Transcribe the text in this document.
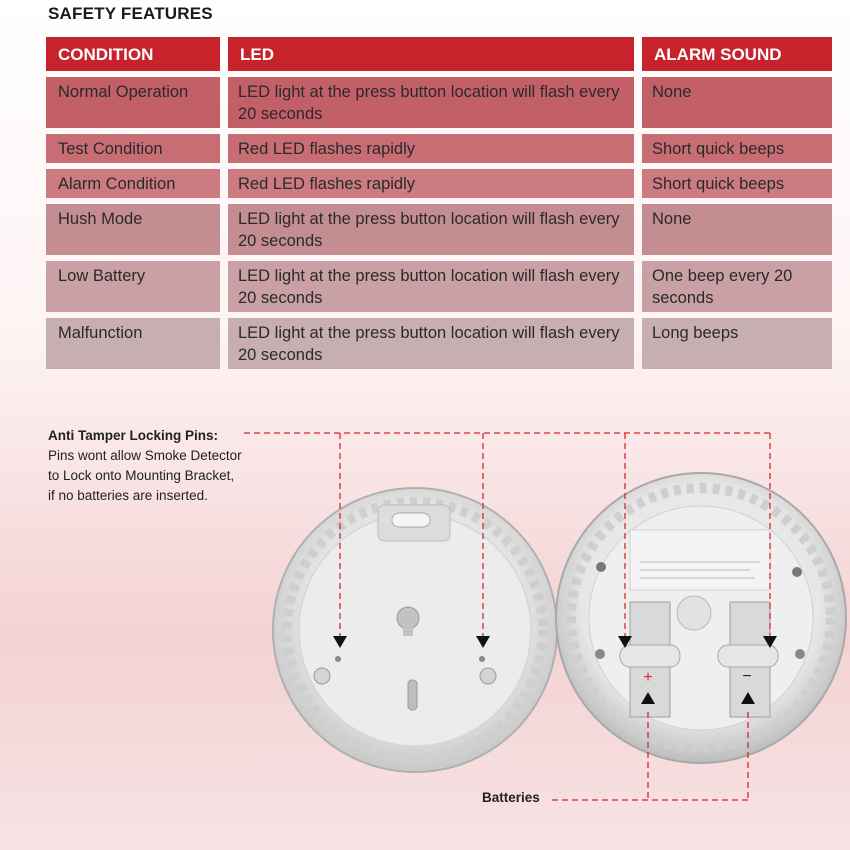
SAFETY FEATURES
CONDITION	LED	ALARM SOUND
Normal Operation	LED light at the press button location will flash every 20 seconds	None
Test Condition	Red LED flashes rapidly	Short quick beeps
Alarm Condition	Red LED flashes rapidly	Short quick beeps
Hush Mode	LED light at the press button location will flash every 20 seconds	None
Low Battery	LED light at the press button location will flash every 20 seconds	One beep every 20 seconds
Malfunction	LED light at the press button location will flash every 20 seconds	Long beeps
+	−
Anti Tamper Locking Pins:
Pins wont allow Smoke Detector
to Lock onto Mounting Bracket,
if no batteries are inserted.
Batteries
